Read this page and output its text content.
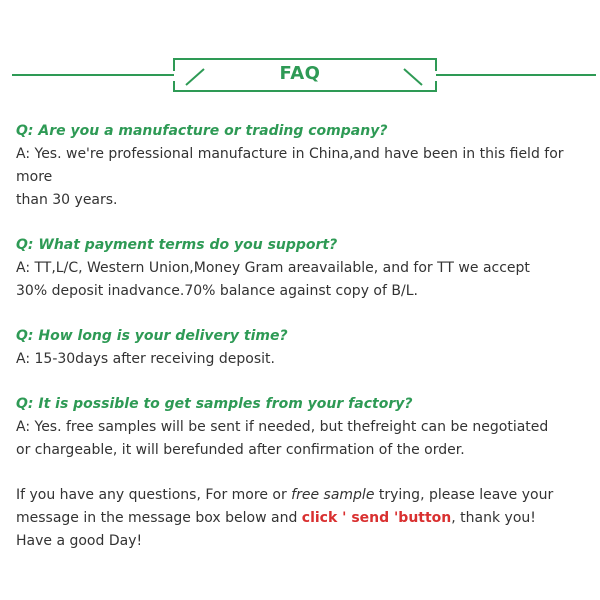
FAQ
Q: Are you a manufacture or trading company?
A: Yes. we're professional manufacture in China,and have been in this field for
more
than 30 years.
Q: What payment terms do you support?
A: TT,L/C, Western Union,Money Gram areavailable, and for TT we accept
30% deposit inadvance.70% balance against copy of B/L.
Q: How long is your delivery time?
A: 15-30days after receiving deposit.
Q: It is possible to get samples from your factory?
A: Yes. free samples will be sent if needed, but thefreight can be negotiated
or chargeable, it will berefunded after confirmation of the order.
If you have any questions, For more or free sample trying, please leave your
message in the message box below and click ' send 'button, thank you!
Have a good Day!
